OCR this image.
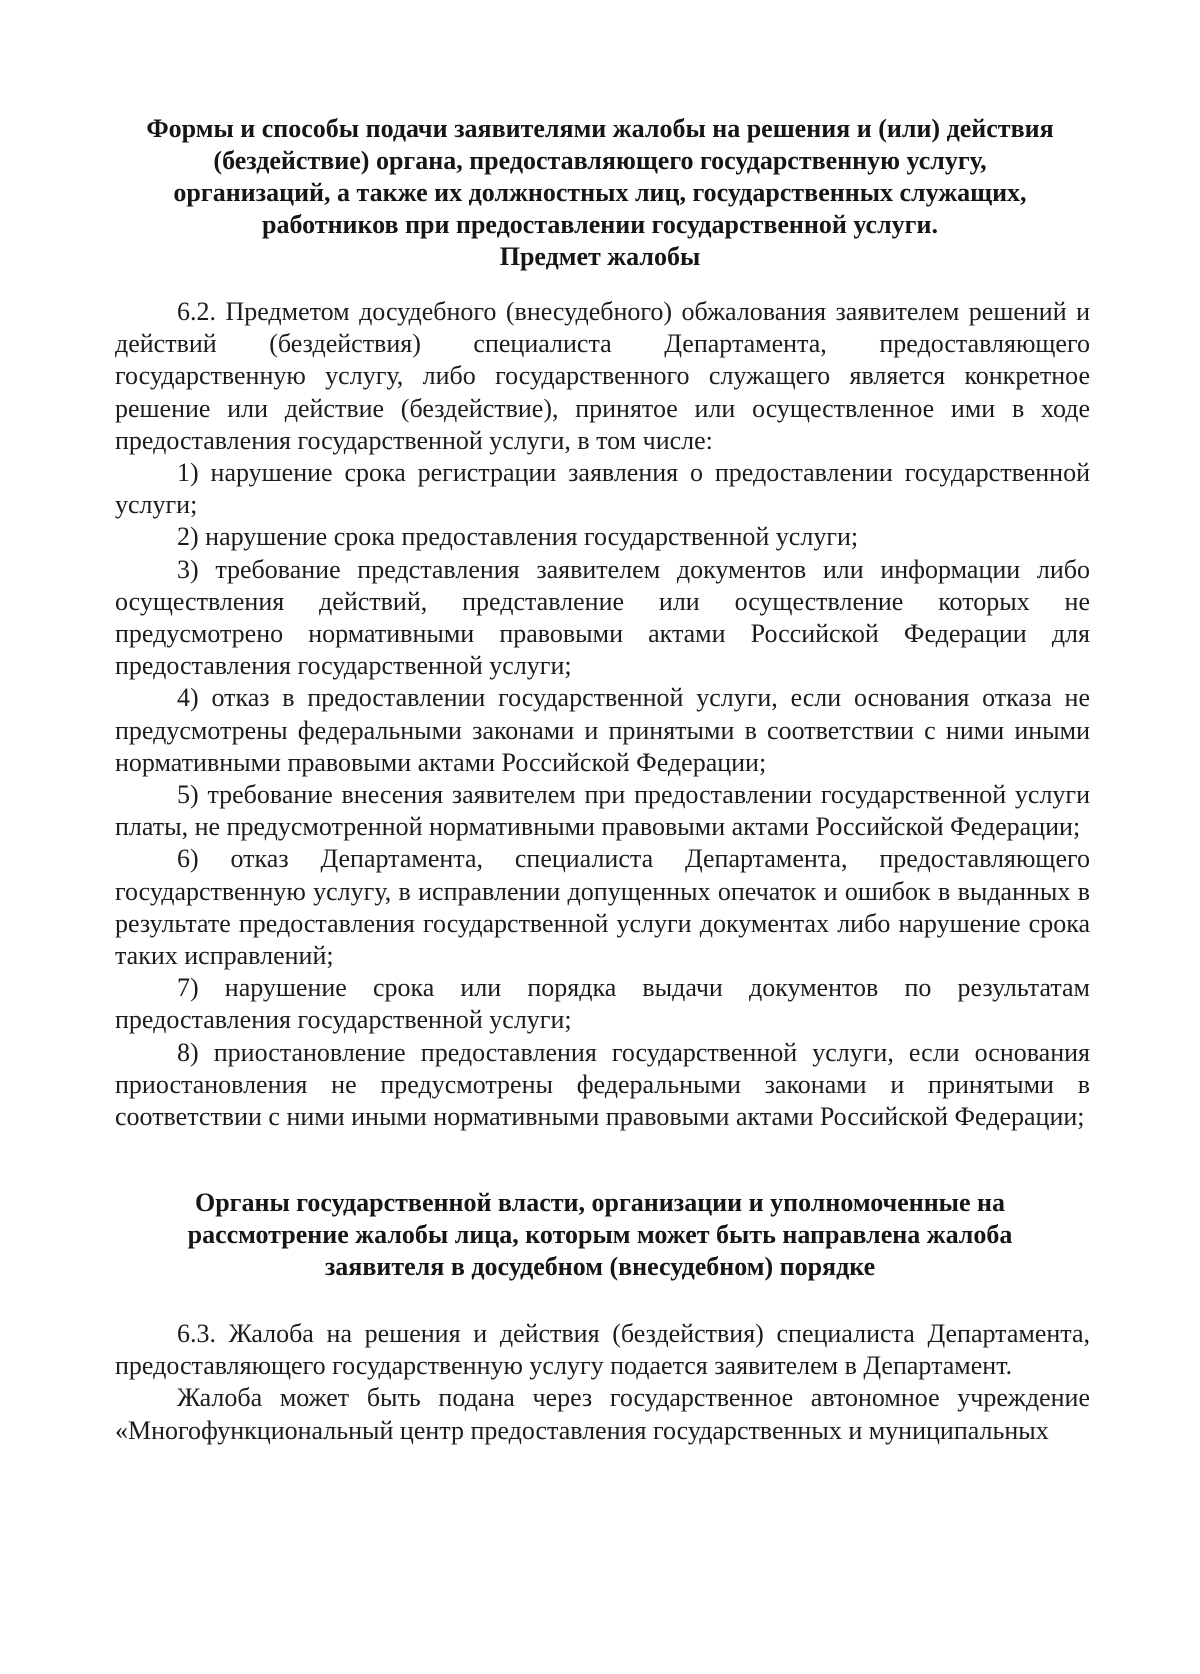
Формы и способы подачи заявителями жалобы на решения и (или) действия
(бездействие) органа, предоставляющего государственную услугу,
организаций, а также их должностных лиц, государственных служащих,
работников при предоставлении государственной услуги.
Предмет жалобы

6.2. Предметом досудебного (внесудебного) обжалования заявителем решений и действий (бездействия) специалиста Департамента, предоставляющего государственную услугу, либо государственного служащего является конкретное решение или действие (бездействие), принятое или осуществленное ими в ходе предоставления государственной услуги, в том числе:

1) нарушение срока регистрации заявления о предоставлении государственной услуги;

2) нарушение срока предоставления государственной услуги;

3) требование представления заявителем документов или информации либо осуществления действий, представление или осуществление которых не предусмотрено нормативными правовыми актами Российской Федерации для предоставления государственной услуги;

4) отказ в предоставлении государственной услуги, если основания отказа не предусмотрены федеральными законами и принятыми в соответствии с ними иными нормативными правовыми актами Российской Федерации;

5) требование внесения заявителем при предоставлении государственной услуги платы, не предусмотренной нормативными правовыми актами Российской Федерации;

6) отказ Департамента, специалиста Департамента, предоставляющего государственную услугу, в исправлении допущенных опечаток и ошибок в выданных в результате предоставления государственной услуги документах либо нарушение срока таких исправлений;

7) нарушение срока или порядка выдачи документов по результатам предоставления государственной услуги;

8) приостановление предоставления государственной услуги, если основания приостановления не предусмотрены федеральными законами и принятыми в соответствии с ними иными нормативными правовыми актами Российской Федерации;

Органы государственной власти, организации и уполномоченные на
рассмотрение жалобы лица, которым может быть направлена жалоба
заявителя в досудебном (внесудебном) порядке

6.3. Жалоба на решения и действия (бездействия) специалиста Департамента, предоставляющего государственную услугу подается заявителем в Департамент.

Жалоба может быть подана через государственное автономное учреждение «Многофункциональный центр предоставления государственных и муниципальных
